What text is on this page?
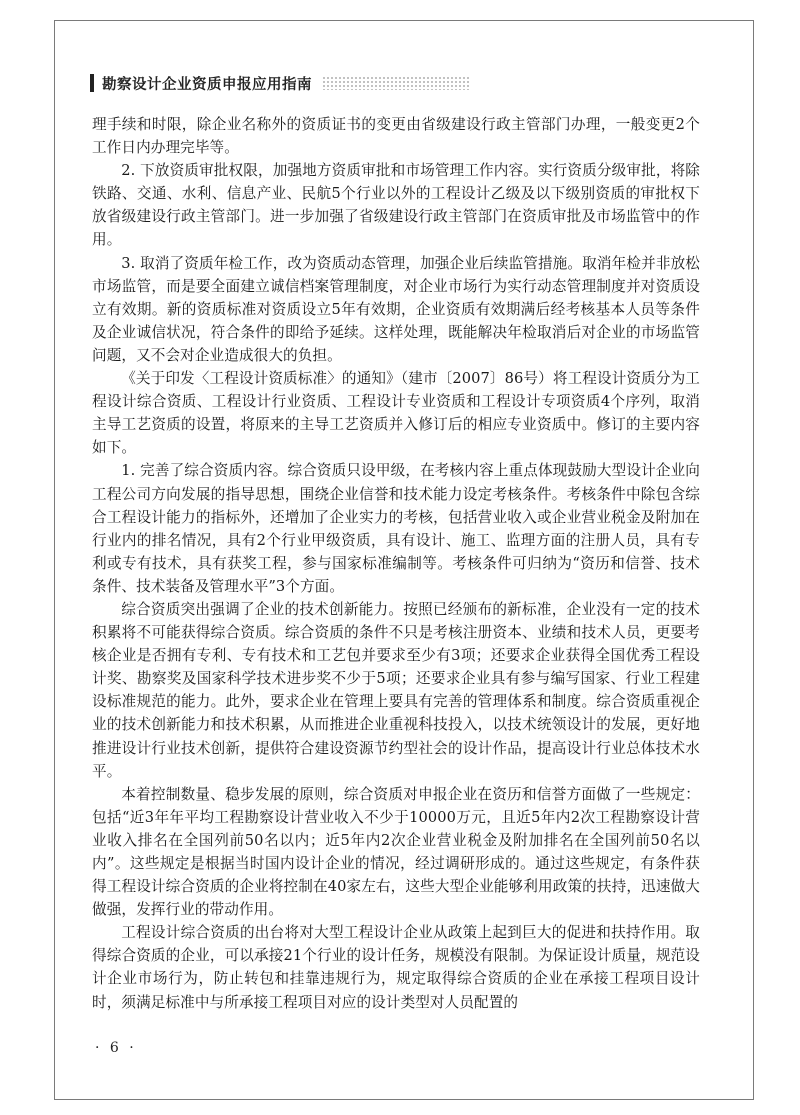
勘察设计企业资质申报应用指南

理手续和时限，除企业名称外的资质证书的变更由省级建设行政主管部门办理，一般变更2个工作日内办理完毕等。

2. 下放资质审批权限，加强地方资质审批和市场管理工作内容。实行资质分级审批，将除铁路、交通、水利、信息产业、民航5个行业以外的工程设计乙级及以下级别资质的审批权下放省级建设行政主管部门。进一步加强了省级建设行政主管部门在资质审批及市场监管中的作用。

3. 取消了资质年检工作，改为资质动态管理，加强企业后续监管措施。取消年检并非放松市场监管，而是要全面建立诚信档案管理制度，对企业市场行为实行动态管理制度并对资质设立有效期。新的资质标准对资质设立5年有效期，企业资质有效期满后经考核基本人员等条件及企业诚信状况，符合条件的即给予延续。这样处理，既能解决年检取消后对企业的市场监管问题，又不会对企业造成很大的负担。

《关于印发〈工程设计资质标准〉的通知》（建市〔2007〕86号）将工程设计资质分为工程设计综合资质、工程设计行业资质、工程设计专业资质和工程设计专项资质4个序列，取消主导工艺资质的设置，将原来的主导工艺资质并入修订后的相应专业资质中。修订的主要内容如下。

1. 完善了综合资质内容。综合资质只设甲级，在考核内容上重点体现鼓励大型设计企业向工程公司方向发展的指导思想，围绕企业信誉和技术能力设定考核条件。考核条件中除包含综合工程设计能力的指标外，还增加了企业实力的考核，包括营业收入或企业营业税金及附加在行业内的排名情况，具有2个行业甲级资质，具有设计、施工、监理方面的注册人员，具有专利或专有技术，具有获奖工程，参与国家标准编制等。考核条件可归纳为“资历和信誉、技术条件、技术装备及管理水平”3个方面。

综合资质突出强调了企业的技术创新能力。按照已经颁布的新标准，企业没有一定的技术积累将不可能获得综合资质。综合资质的条件不只是考核注册资本、业绩和技术人员，更要考核企业是否拥有专利、专有技术和工艺包并要求至少有3项；还要求企业获得全国优秀工程设计奖、勘察奖及国家科学技术进步奖不少于5项；还要求企业具有参与编写国家、行业工程建设标准规范的能力。此外，要求企业在管理上要具有完善的管理体系和制度。综合资质重视企业的技术创新能力和技术积累，从而推进企业重视科技投入，以技术统领设计的发展，更好地推进设计行业技术创新，提供符合建设资源节约型社会的设计作品，提高设计行业总体技术水平。

本着控制数量、稳步发展的原则，综合资质对申报企业在资历和信誉方面做了一些规定：包括“近3年年平均工程勘察设计营业收入不少于10000万元，且近5年内2次工程勘察设计营业收入排名在全国列前50名以内；近5年内2次企业营业税金及附加排名在全国列前50名以内”。这些规定是根据当时国内设计企业的情况，经过调研形成的。通过这些规定，有条件获得工程设计综合资质的企业将控制在40家左右，这些大型企业能够利用政策的扶持，迅速做大做强，发挥行业的带动作用。

工程设计综合资质的出台将对大型工程设计企业从政策上起到巨大的促进和扶持作用。取得综合资质的企业，可以承接21个行业的设计任务，规模没有限制。为保证设计质量，规范设计企业市场行为，防止转包和挂靠违规行为，规定取得综合资质的企业在承接工程项目设计时，须满足标准中与所承接工程项目对应的设计类型对人员配置的

· 6 ·
